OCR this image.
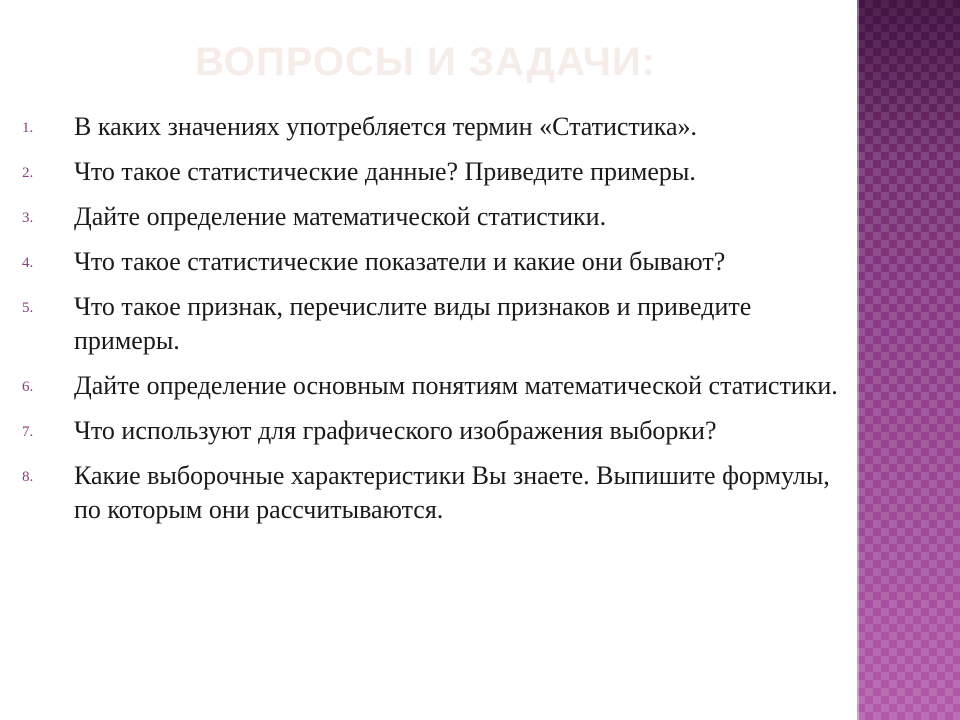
ВОПРОСЫ И ЗАДАЧИ:
1.	В каких значениях употребляется термин «Статистика».
2.	Что такое статистические данные? Приведите примеры.
3.	Дайте определение математической статистики.
4.	Что такое статистические показатели и какие они бывают?
5.	Что такое признак, перечислите виды признаков и приведите примеры.
6.	Дайте определение основным понятиям математической статистики.
7.	Что используют для графического изображения выборки?
8.	Какие выборочные характеристики Вы знаете. Выпишите формулы, по которым они рассчитываются.
